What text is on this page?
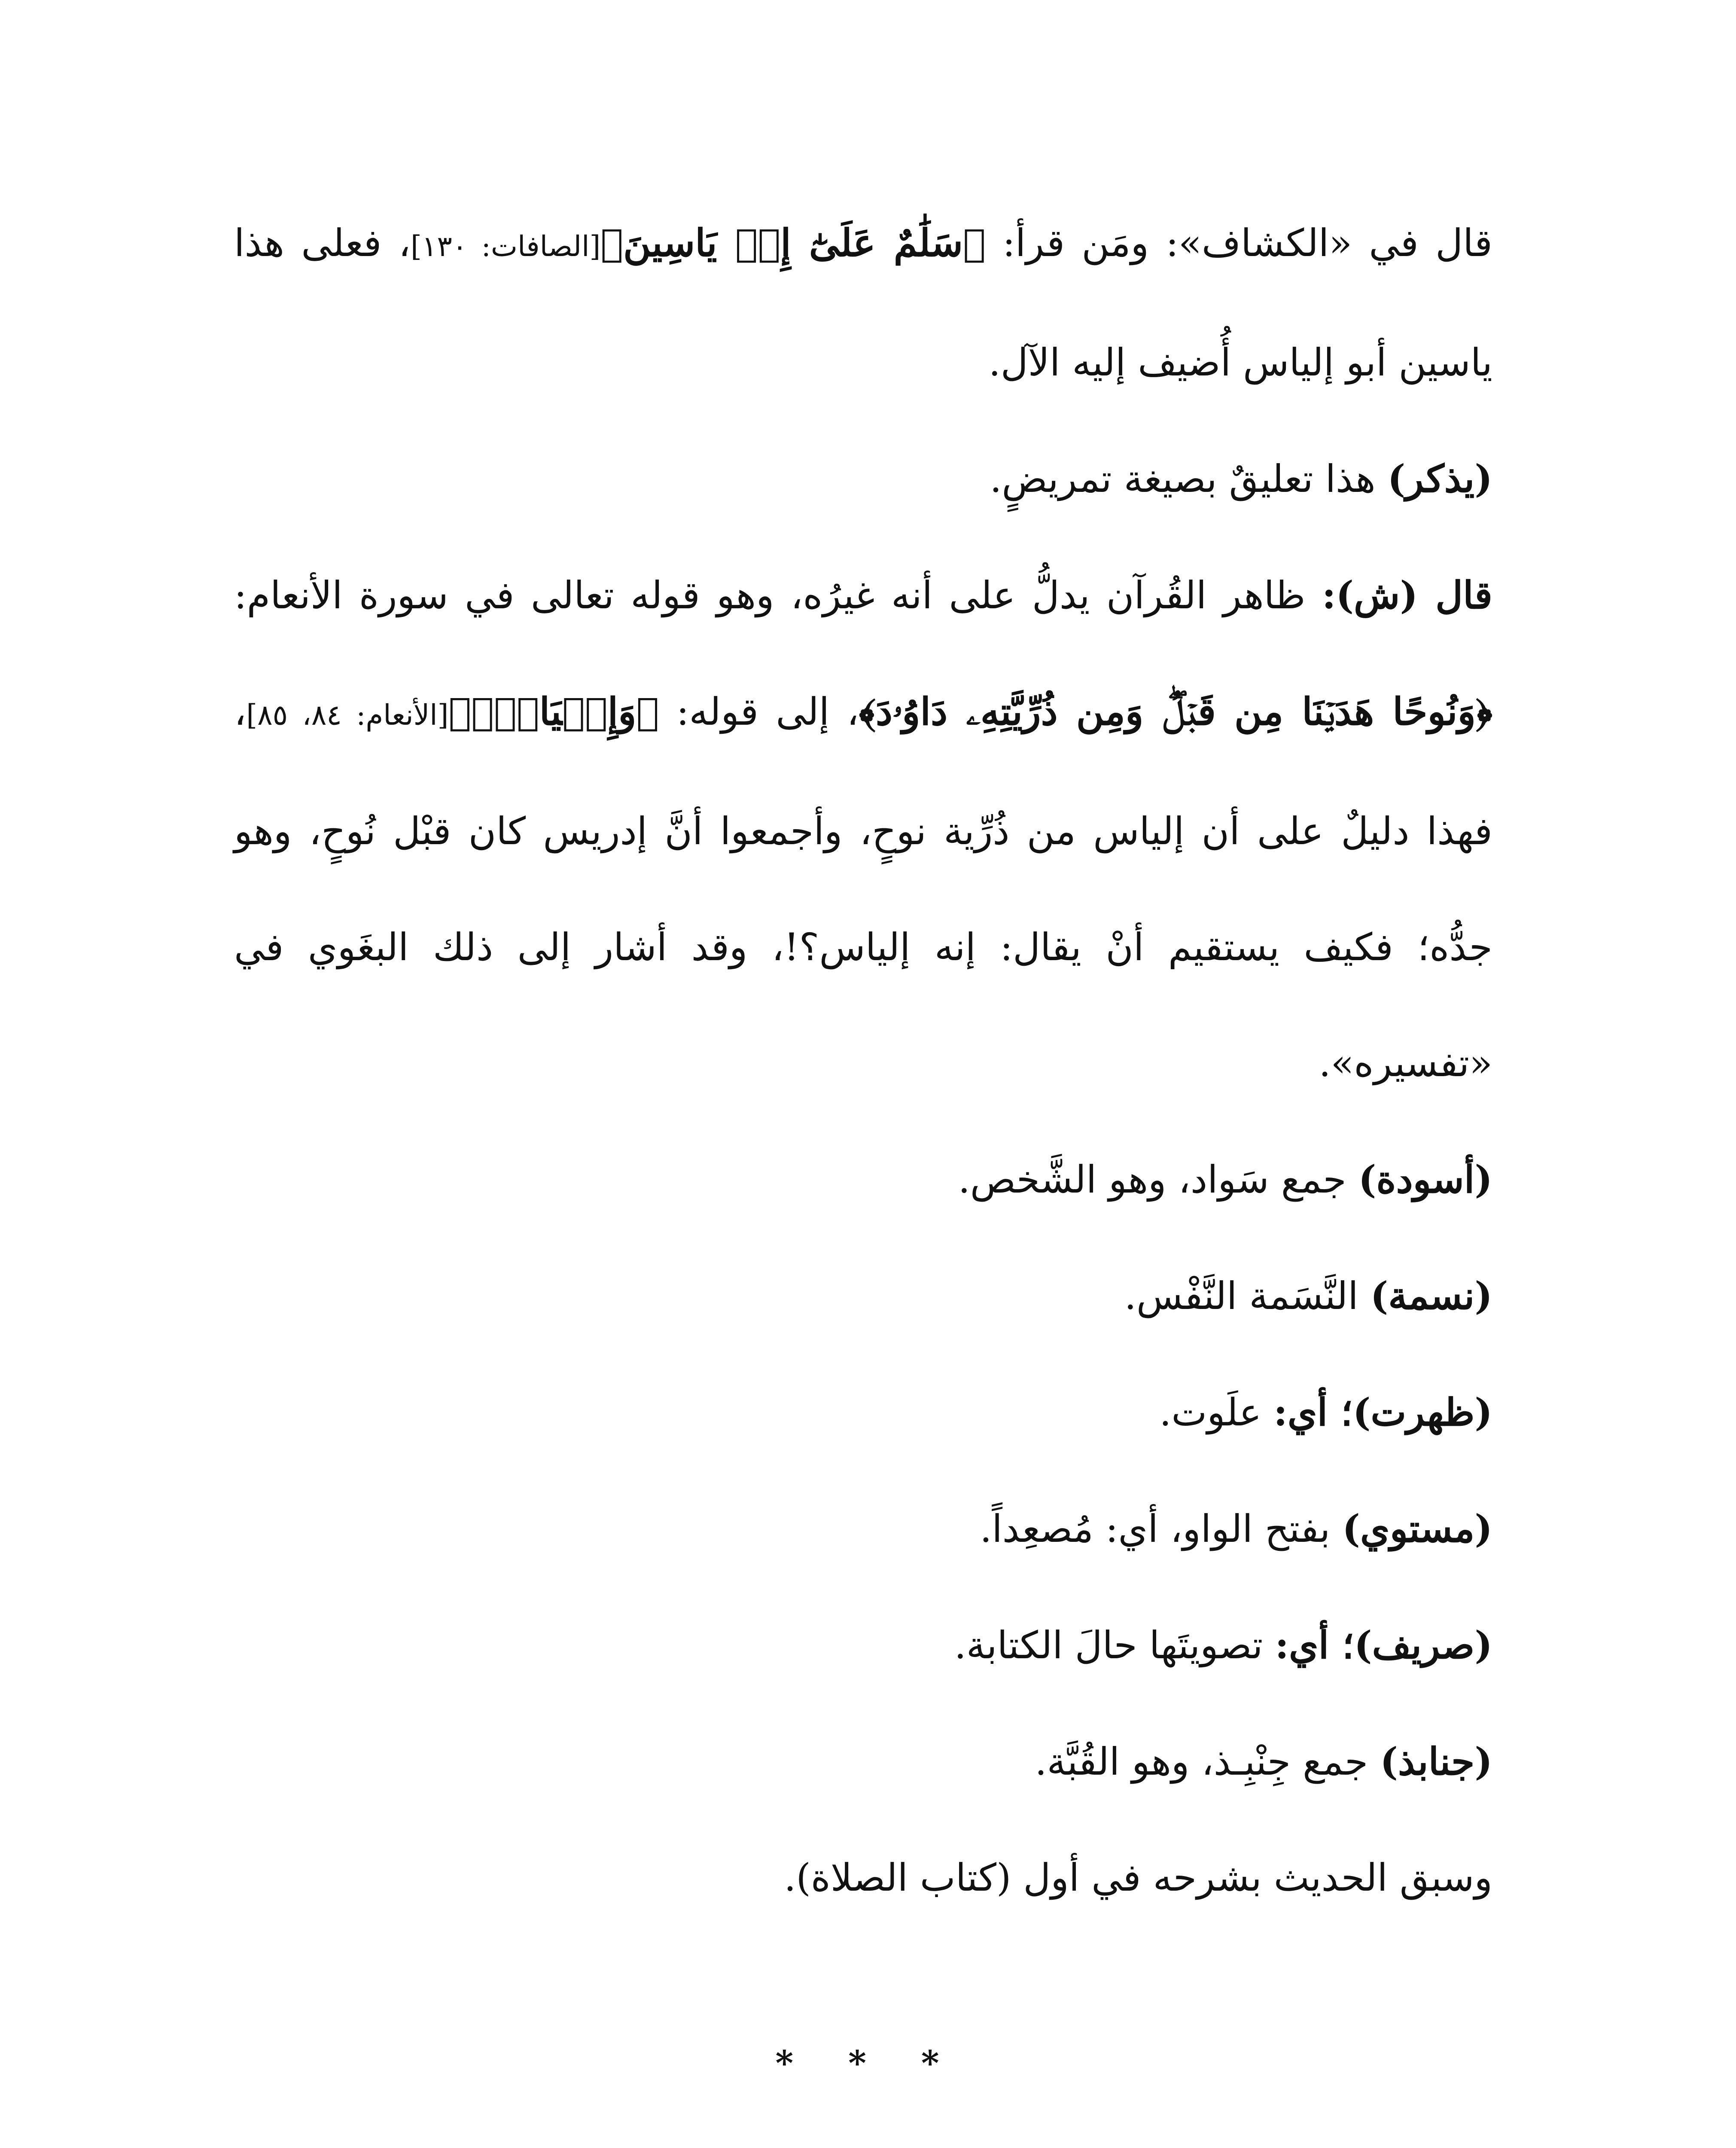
قال في «الكشاف»: ومَن قرأ: ﴿سَلَٰمٌ عَلَىٰٓ إِلۡ يَاسِينَ﴾[الصافات: ١٣٠]، فعلى هذا ياسين أبو إلياس أُضيف إليه الآل.

(يذكر) هذا تعليقٌ بصيغة تمريضٍ.

قال (ش): ظاهر القُرآن يدلُّ على أنه غيرُه، وهو قوله تعالى في سورة الأنعام: ﴿وَنُوحًا هَدَيۡنَا مِن قَبۡلُۖ وَمِن ذُرِّيَّتِهِۦ دَاوُۥدَ﴾، إلى قوله: ﴿وَإِلۡيَاسَۖ﴾[الأنعام: ٨٤، ٨٥]، فهذا دليلٌ على أن إلياس من ذُرِّية نوحٍ، وأجمعوا أنَّ إدريس كان قبْل نُوحٍ، وهو جدُّه؛ فكيف يستقيم أنْ يقال: إنه إلياس؟!، وقد أشار إلى ذلك البغَوي في «تفسيره».

(أسودة) جمع سَواد، وهو الشَّخص.

(نسمة) النَّسَمة النَّفْس.

(ظهرت)؛ أي: علَوت.

(مستوي) بفتح الواو، أي: مُصعِداً.

(صريف)؛ أي: تصويتَها حالَ الكتابة.

(جنابذ) جمع جِنْبِـذ، وهو القُبَّة.

وسبق الحديث بشرحه في أول (كتاب الصلاة).

* * *
